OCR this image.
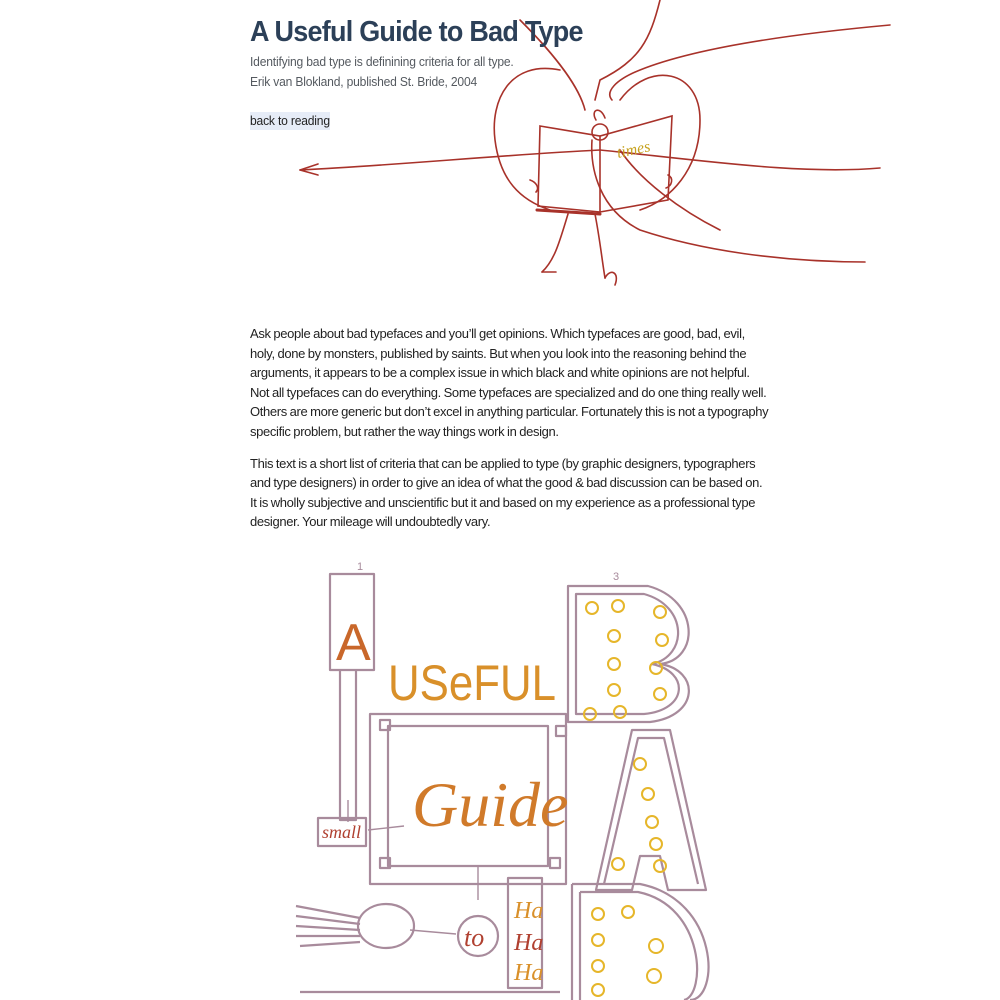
times
A Useful Guide to Bad Type
Identifying bad type is definining criteria for all type.
Erik van Blokland, published St. Bride, 2004
back to reading

Ask people about bad typefaces and you’ll get opinions. Which typefaces are good, bad, evil, holy, done by monsters, published by saints. But when you look into the reasoning behind the arguments, it appears to be a complex issue in which black and white opinions are not helpful. Not all typefaces can do everything. Some typefaces are specialized and do one thing really well. Others are more generic but don’t excel in anything particular. Fortunately this is not a typography specific problem, but rather the way things work in design.

This text is a short list of criteria that can be applied to type (by graphic designers, typographers and type designers) in order to give an idea of what the good & bad discussion can be based on. It is wholly subjective and unscientific but it and based on my experience as a professional type designer. Your mileage will undoubtedly vary.

A
USeFUL
Guide
small
to
Ha
Ha
Ha
1
3
